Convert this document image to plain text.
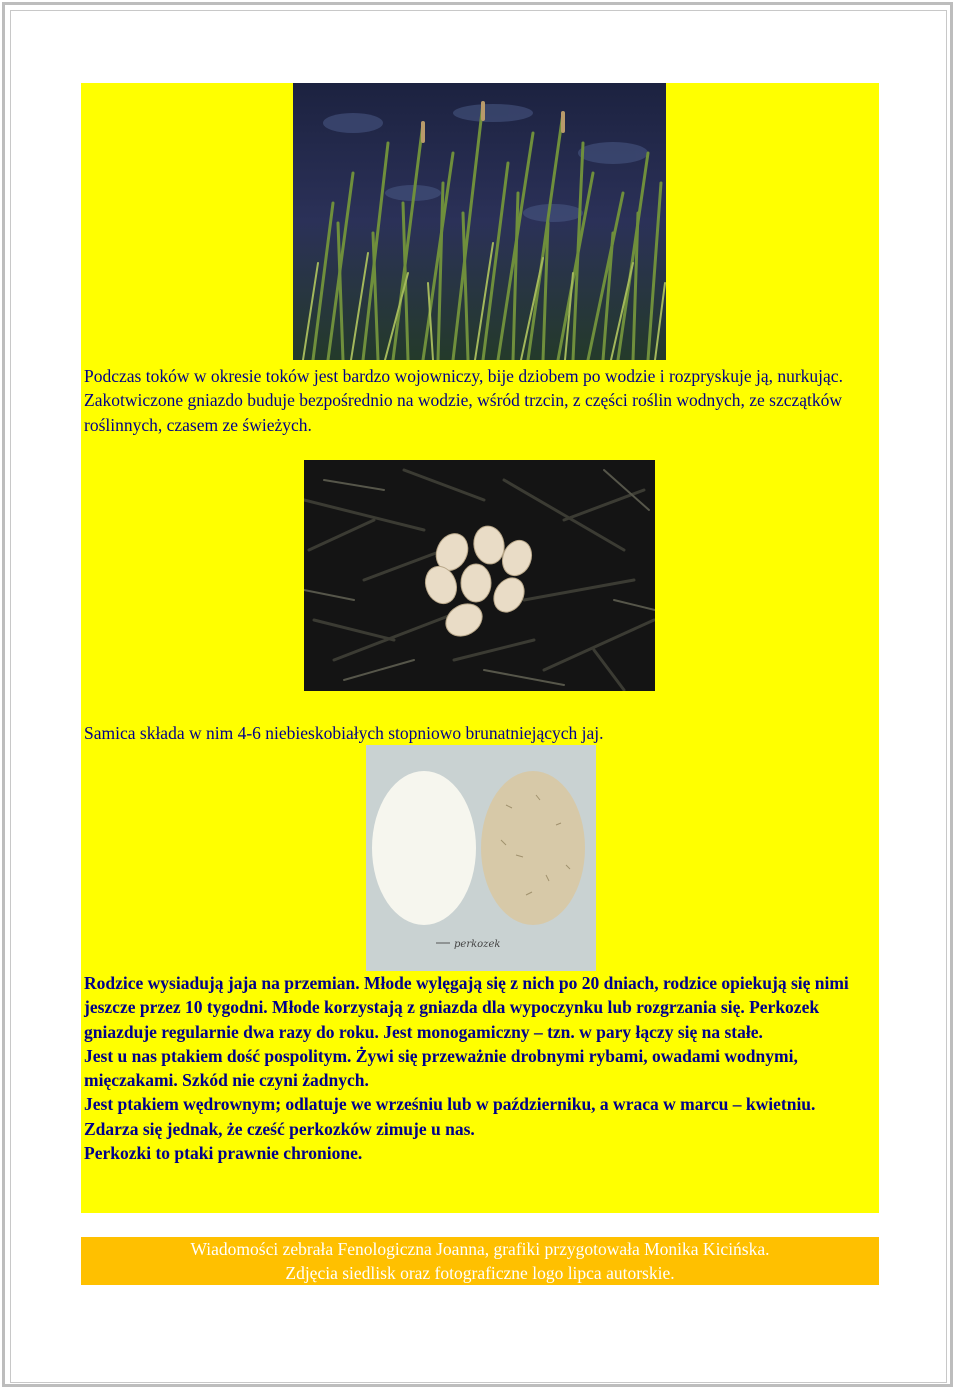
Podczas toków w okresie toków jest bardzo wojowniczy, bije dziobem po wodzie i rozpryskuje ją, nurkując. Zakotwiczone gniazdo buduje bezpośrednio na wodzie, wśród trzcin, z części roślin wodnych, ze szczątków roślinnych, czasem ze świeżych.

Samica składa w nim 4-6 niebieskobiałych stopniowo brunatniejących jaj.

perkozek
Rodzice wysiadują jaja na przemian. Młode wylęgają się z nich po 20 dniach, rodzice opiekują się nimi jeszcze przez 10 tygodni. Młode korzystają z gniazda dla wypoczynku lub rozgrzania się. Perkozek gniazduje regularnie dwa razy do roku. Jest monogamiczny – tzn. w pary łączy się na stałe.
Jest u nas ptakiem dość pospolitym. Żywi się przeważnie drobnymi rybami, owadami wodnymi, mięczakami. Szkód nie czyni żadnych.
Jest ptakiem wędrownym; odlatuje we wrześniu lub w październiku, a wraca w marcu – kwietniu. Zdarza się jednak, że cześć perkozków zimuje u nas.
Perkozki to ptaki prawnie chronione.
Wiadomości zebrała Fenologiczna Joanna, grafiki przygotowała Monika Kicińska.
Zdjęcia siedlisk oraz fotograficzne logo lipca autorskie.
